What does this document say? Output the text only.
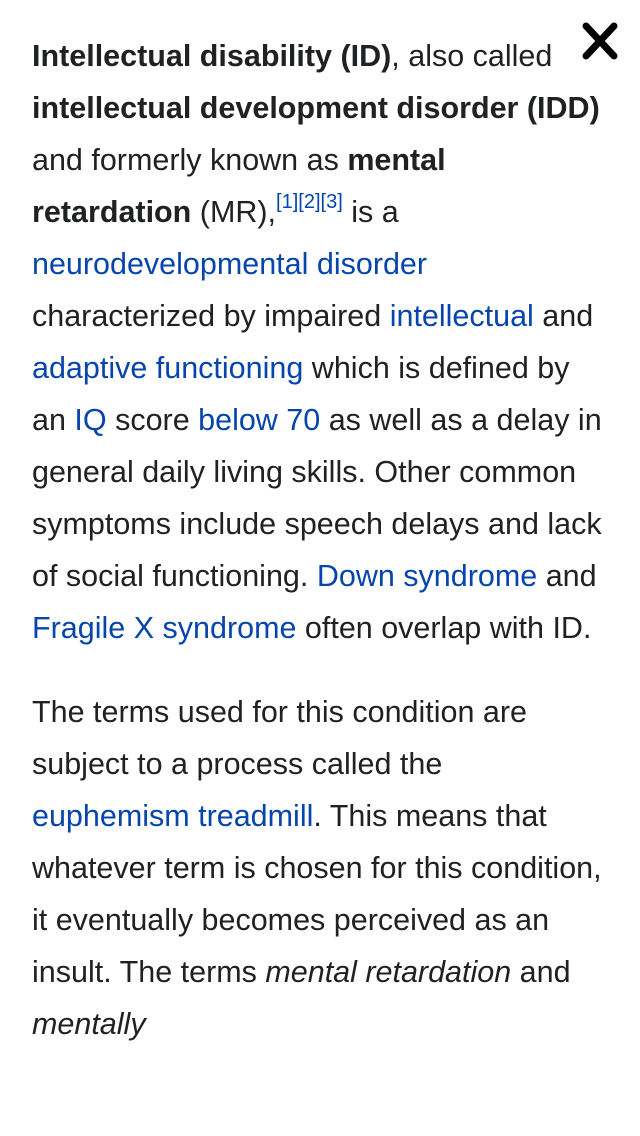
Intellectual disability (ID), also called intellectual development disorder (IDD) and formerly known as mental retardation (MR),[1][2][3] is a neurodevelopmental disorder characterized by impaired intellectual and adaptive functioning which is defined by an IQ score below 70 as well as a delay in general daily living skills. Other common symptoms include speech delays and lack of social functioning. Down syndrome and Fragile X syndrome often overlap with ID.

The terms used for this condition are subject to a process called the euphemism treadmill. This means that whatever term is chosen for this condition, it eventually becomes perceived as an insult. The terms mental retardation and mentally
